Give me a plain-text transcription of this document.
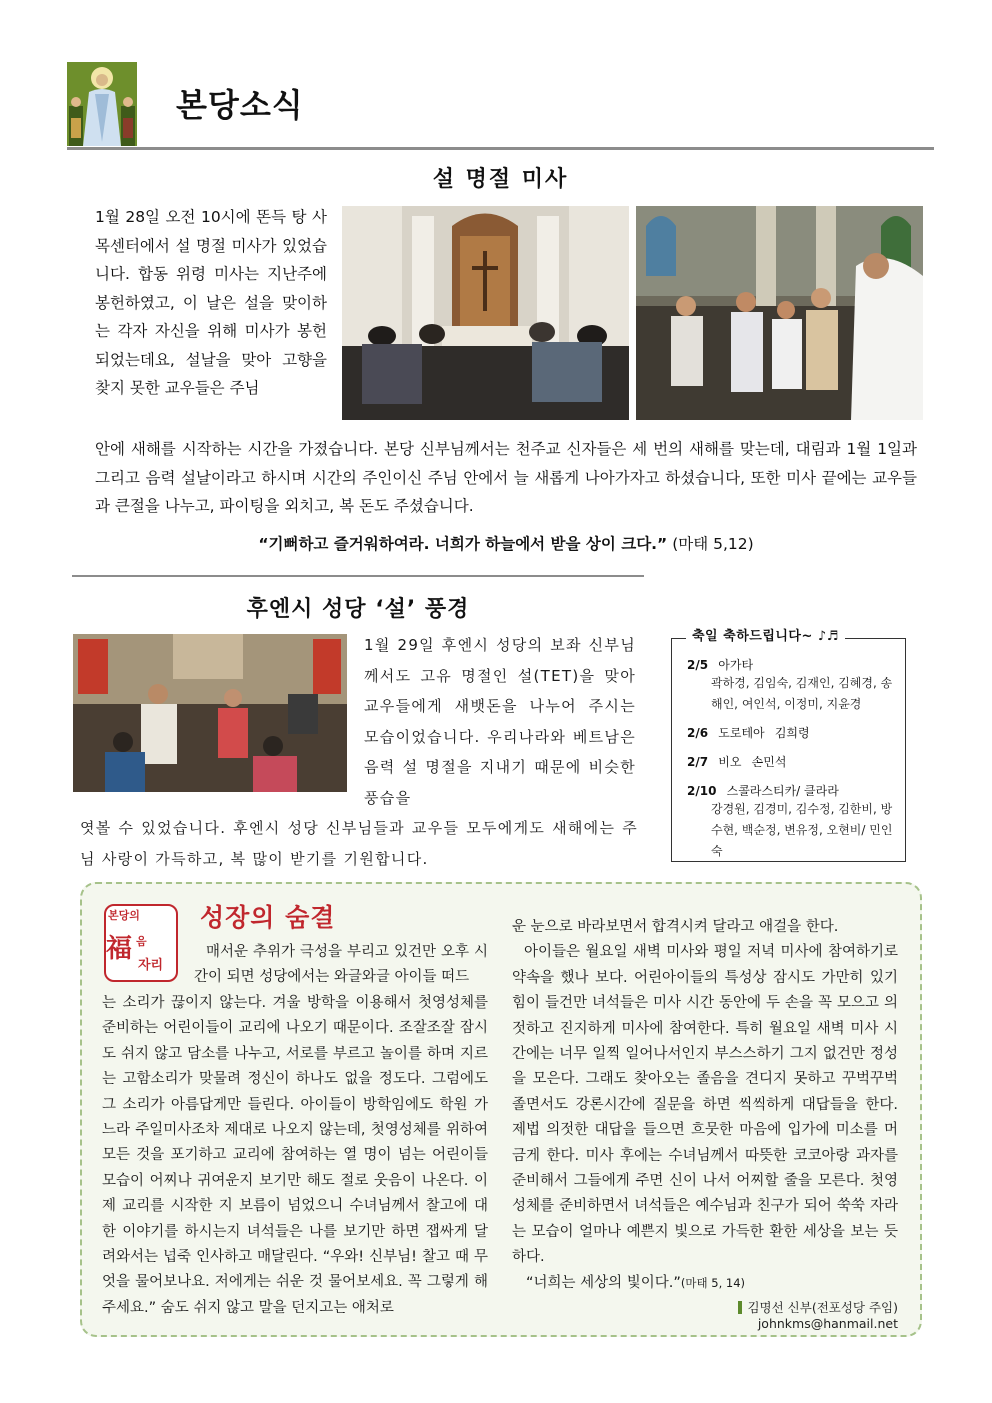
본당소식
설 명절 미사
1월 28일 오전 10시에 똔득 탕 사목센터에서 설 명절 미사가 있었습니다. 합동 위령 미사는 지난주에 봉헌하였고, 이 날은 설을 맞이하는 각자 자신을 위해 미사가 봉헌되었는데요, 설날을 맞아 고향을 찾지 못한 교우들은 주님
안에 새해를 시작하는 시간을 가졌습니다. 본당 신부님께서는 천주교 신자들은 세 번의 새해를 맞는데, 대림과 1월 1일과 그리고 음력 설날이라고 하시며 시간의 주인이신 주님 안에서 늘 새롭게 나아가자고 하셨습니다, 또한 미사 끝에는 교우들과 큰절을 나누고, 파이팅을 외치고, 복 돈도 주셨습니다.
“기뻐하고 즐거워하여라. 너희가 하늘에서 받을 상이 크다.” (마태 5,12)
후엔시 성당 ‘설’ 풍경
1월 29일 후엔시 성당의 보좌 신부님께서도 고유 명절인 설(TET)을 맞아 교우들에게 새뱃돈을 나누어 주시는 모습이었습니다. 우리나라와 베트남은 음력 설 명절을 지내기 때문에 비슷한 풍습을
엿볼 수 있었습니다. 후엔시 성당 신부님들과 교우들 모두에게도 새해에는 주님 사랑이 가득하고, 복 많이 받기를 기원합니다.
축일 축하드립니다~ ♪♬
2/5 아가타
곽하경, 김임숙, 김재인, 김혜경, 송해인, 여인석, 이정미, 지윤경
2/6 도로테아 김희령
2/7 비오 손민석
2/10 스콜라스티카/ 클라라
강경원, 김경미, 김수정, 김한비, 방수현, 백순정, 변유정, 오현비/ 민인숙
본당의
福 음
자리
성장의 숨결
매서운 추위가 극성을 부리고 있건만 오후 시간이 되면 성당에서는 와글와글 아이들 떠드
는 소리가 끊이지 않는다. 겨울 방학을 이용해서 첫영성체를 준비하는 어린이들이 교리에 나오기 때문이다. 조잘조잘 잠시도 쉬지 않고 담소를 나누고, 서로를 부르고 놀이를 하며 지르는 고함소리가 맞물려 정신이 하나도 없을 정도다. 그럼에도 그 소리가 아름답게만 들린다. 아이들이 방학임에도 학원 가느라 주일미사조차 제대로 나오지 않는데, 첫영성체를 위하여 모든 것을 포기하고 교리에 참여하는 열 명이 넘는 어린이들 모습이 어찌나 귀여운지 보기만 해도 절로 웃음이 나온다. 이제 교리를 시작한 지 보름이 넘었으니 수녀님께서 찰고에 대한 이야기를 하시는지 녀석들은 나를 보기만 하면 잽싸게 달려와서는 넙죽 인사하고 매달린다. “우와! 신부님! 찰고 때 무엇을 물어보나요. 저에게는 쉬운 것 물어보세요. 꼭 그렇게 해주세요.” 숨도 쉬지 않고 말을 던지고는 애처로
운 눈으로 바라보면서 합격시켜 달라고 애걸을 한다.
아이들은 월요일 새벽 미사와 평일 저녁 미사에 참여하기로 약속을 했나 보다. 어린아이들의 특성상 잠시도 가만히 있기 힘이 들건만 녀석들은 미사 시간 동안에 두 손을 꼭 모으고 의젓하고 진지하게 미사에 참여한다. 특히 월요일 새벽 미사 시간에는 너무 일찍 일어나서인지 부스스하기 그지 없건만 정성을 모은다. 그래도 찾아오는 졸음을 견디지 못하고 꾸벅꾸벅 졸면서도 강론시간에 질문을 하면 씩씩하게 대답들을 한다. 제법 의젓한 대답을 들으면 흐뭇한 마음에 입가에 미소를 머금게 한다. 미사 후에는 수녀님께서 따뜻한 코코아랑 과자를 준비해서 그들에게 주면 신이 나서 어찌할 줄을 모른다. 첫영성체를 준비하면서 녀석들은 예수님과 친구가 되어 쑥쑥 자라는 모습이 얼마나 예쁜지 빛으로 가득한 환한 세상을 보는 듯하다.
“너희는 세상의 빛이다.”(마태 5, 14)
김명선 신부(전포성당 주임) johnkms@hanmail.net
